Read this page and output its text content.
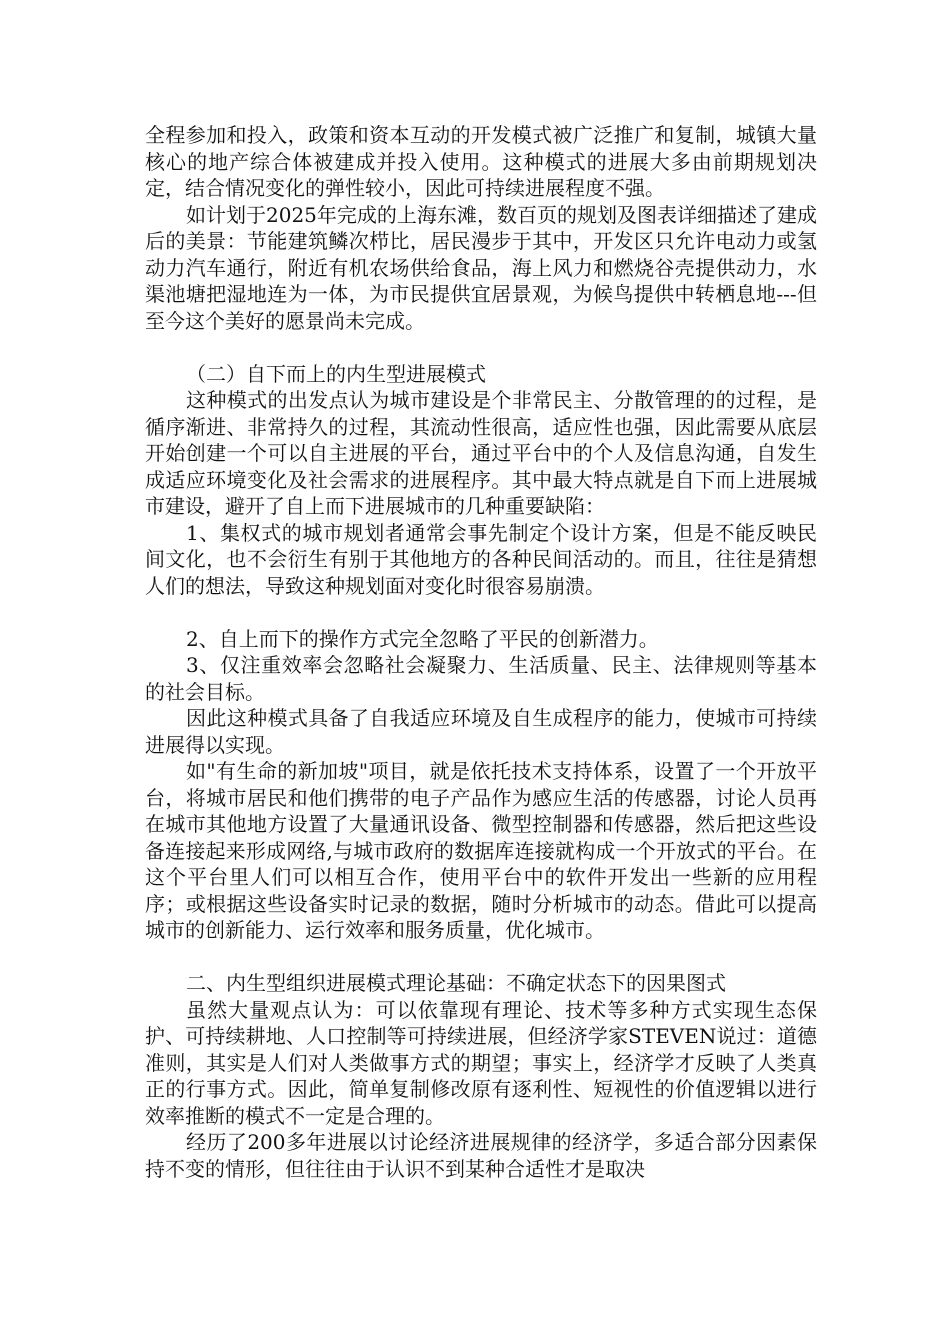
全程参加和投入，政策和资本互动的开发模式被广泛推广和复制，城镇大量核心的地产综合体被建成并投入使用。这种模式的进展大多由前期规划决定，结合情况变化的弹性较小，因此可持续进展程度不强。

如计划于2025年完成的上海东滩，数百页的规划及图表详细描述了建成后的美景：节能建筑鳞次栉比，居民漫步于其中，开发区只允许电动力或氢动力汽车通行，附近有机农场供给食品，海上风力和燃烧谷壳提供动力，水渠池塘把湿地连为一体，为市民提供宜居景观，为候鸟提供中转栖息地---但至今这个美好的愿景尚未完成。

（二）自下而上的内生型进展模式

这种模式的出发点认为城市建设是个非常民主、分散管理的的过程，是循序渐进、非常持久的过程，其流动性很高，适应性也强，因此需要从底层开始创建一个可以自主进展的平台，通过平台中的个人及信息沟通，自发生成适应环境变化及社会需求的进展程序。其中最大特点就是自下而上进展城市建设，避开了自上而下进展城市的几种重要缺陷：

1、集权式的城市规划者通常会事先制定个设计方案，但是不能反映民间文化，也不会衍生有别于其他地方的各种民间活动的。而且，往往是猜想人们的想法，导致这种规划面对变化时很容易崩溃。

2、自上而下的操作方式完全忽略了平民的创新潜力。

3、仅注重效率会忽略社会凝聚力、生活质量、民主、法律规则等基本的社会目标。

因此这种模式具备了自我适应环境及自生成程序的能力，使城市可持续进展得以实现。

如"有生命的新加坡"项目，就是依托技术支持体系，设置了一个开放平台，将城市居民和他们携带的电子产品作为感应生活的传感器，讨论人员再在城市其他地方设置了大量通讯设备、微型控制器和传感器，然后把这些设备连接起来形成网络,与城市政府的数据库连接就构成一个开放式的平台。在这个平台里人们可以相互合作，使用平台中的软件开发出一些新的应用程序；或根据这些设备实时记录的数据，随时分析城市的动态。借此可以提高城市的创新能力、运行效率和服务质量，优化城市。

二、内生型组织进展模式理论基础：不确定状态下的因果图式

虽然大量观点认为：可以依靠现有理论、技术等多种方式实现生态保护、可持续耕地、人口控制等可持续进展，但经济学家STEVEN说过：道德准则，其实是人们对人类做事方式的期望；事实上，经济学才反映了人类真正的行事方式。因此，简单复制修改原有逐利性、短视性的价值逻辑以进行效率推断的模式不一定是合理的。

经历了200多年进展以讨论经济进展规律的经济学，多适合部分因素保持不变的情形，但往往由于认识不到某种合适性才是取决
